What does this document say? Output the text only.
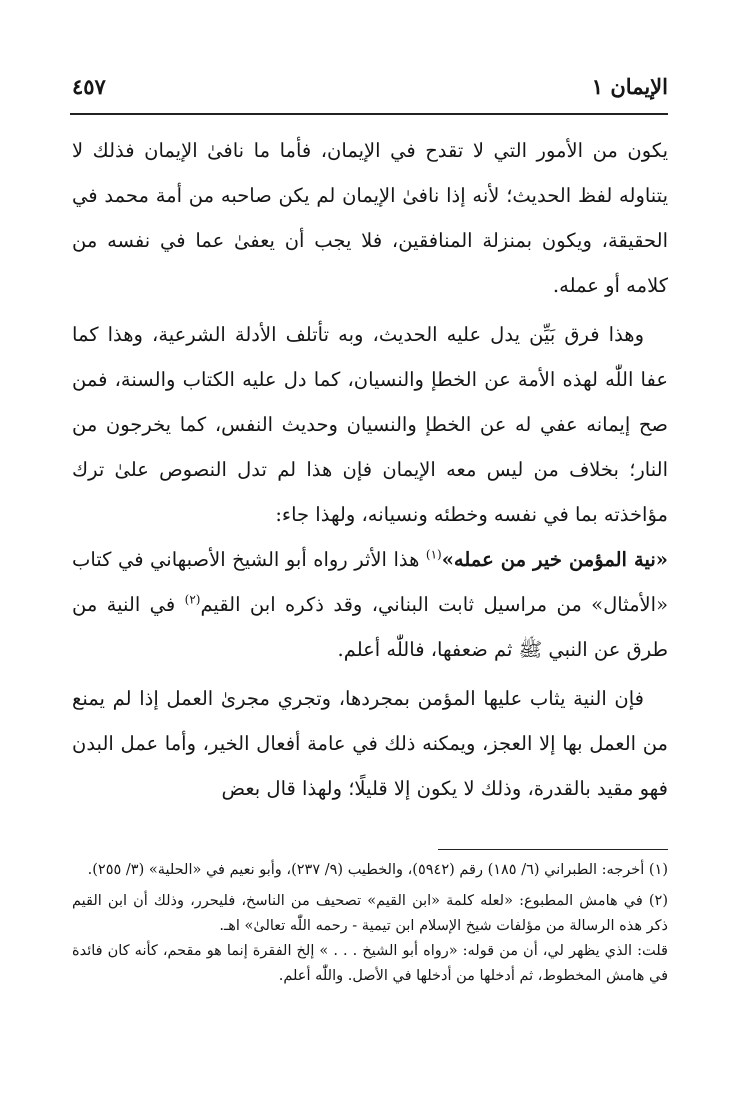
الإيمان ١
٤٥٧

يكون من الأمور التي لا تقدح في الإيمان، فأما ما نافىٰ الإيمان فذلك لا يتناوله لفظ الحديث؛ لأنه إذا نافىٰ الإيمان لم يكن صاحبه من أمة محمد في الحقيقة، ويكون بمنزلة المنافقين، فلا يجب أن يعفىٰ عما في نفسه من كلامه أو عمله.

وهذا فرق بَيِّن يدل عليه الحديث، وبه تأتلف الأدلة الشرعية، وهذا كما عفا اللّٰه لهذه الأمة عن الخطإ والنسيان، كما دل عليه الكتاب والسنة، فمن صح إيمانه عفي له عن الخطإ والنسيان وحديث النفس، كما يخرجون من النار؛ بخلاف من ليس معه الإيمان فإن هذا لم تدل النصوص علىٰ ترك مؤاخذته بما في نفسه وخطئه ونسيانه، ولهذا جاء:
«نية المؤمن خير من عمله»$^{(١)}$ هذا الأثر رواه أبو الشيخ الأصبهاني في كتاب «الأمثال» من مراسيل ثابت البناني، وقد ذكره ابن القيم$^{(٢)}$ في النية من طرق عن النبي ﷺ ثم ضعفها، فاللّٰه أعلم.

فإن النية يثاب عليها المؤمن بمجردها، وتجري مجرىٰ العمل إذا لم يمنع من العمل بها إلا العجز، ويمكنه ذلك في عامة أفعال الخير، وأما عمل البدن فهو مقيد بالقدرة، وذلك لا يكون إلا قليلًا؛ ولهذا قال بعض

(١) أخرجه: الطبراني (٦/ ١٨٥) رقم (٥٩٤٢)، والخطيب (٩/ ٢٣٧)، وأبو نعيم في «الحلية» (٣/ ٢٥٥).

(٢) في هامش المطبوع: «لعله كلمة «ابن القيم» تصحيف من الناسخ، فليحرر، وذلك أن ابن القيم ذكر هذه الرسالة من مؤلفات شيخ الإسلام ابن تيمية - رحمه اللّٰه تعالىٰ» اهـ.
قلت: الذي يظهر لي، أن من قوله: «رواه أبو الشيخ . . . » إلخ الفقرة إنما هو مقحم، كأنه كان فائدة في هامش المخطوط، ثم أدخلها من أدخلها في الأصل. واللّٰه أعلم.
